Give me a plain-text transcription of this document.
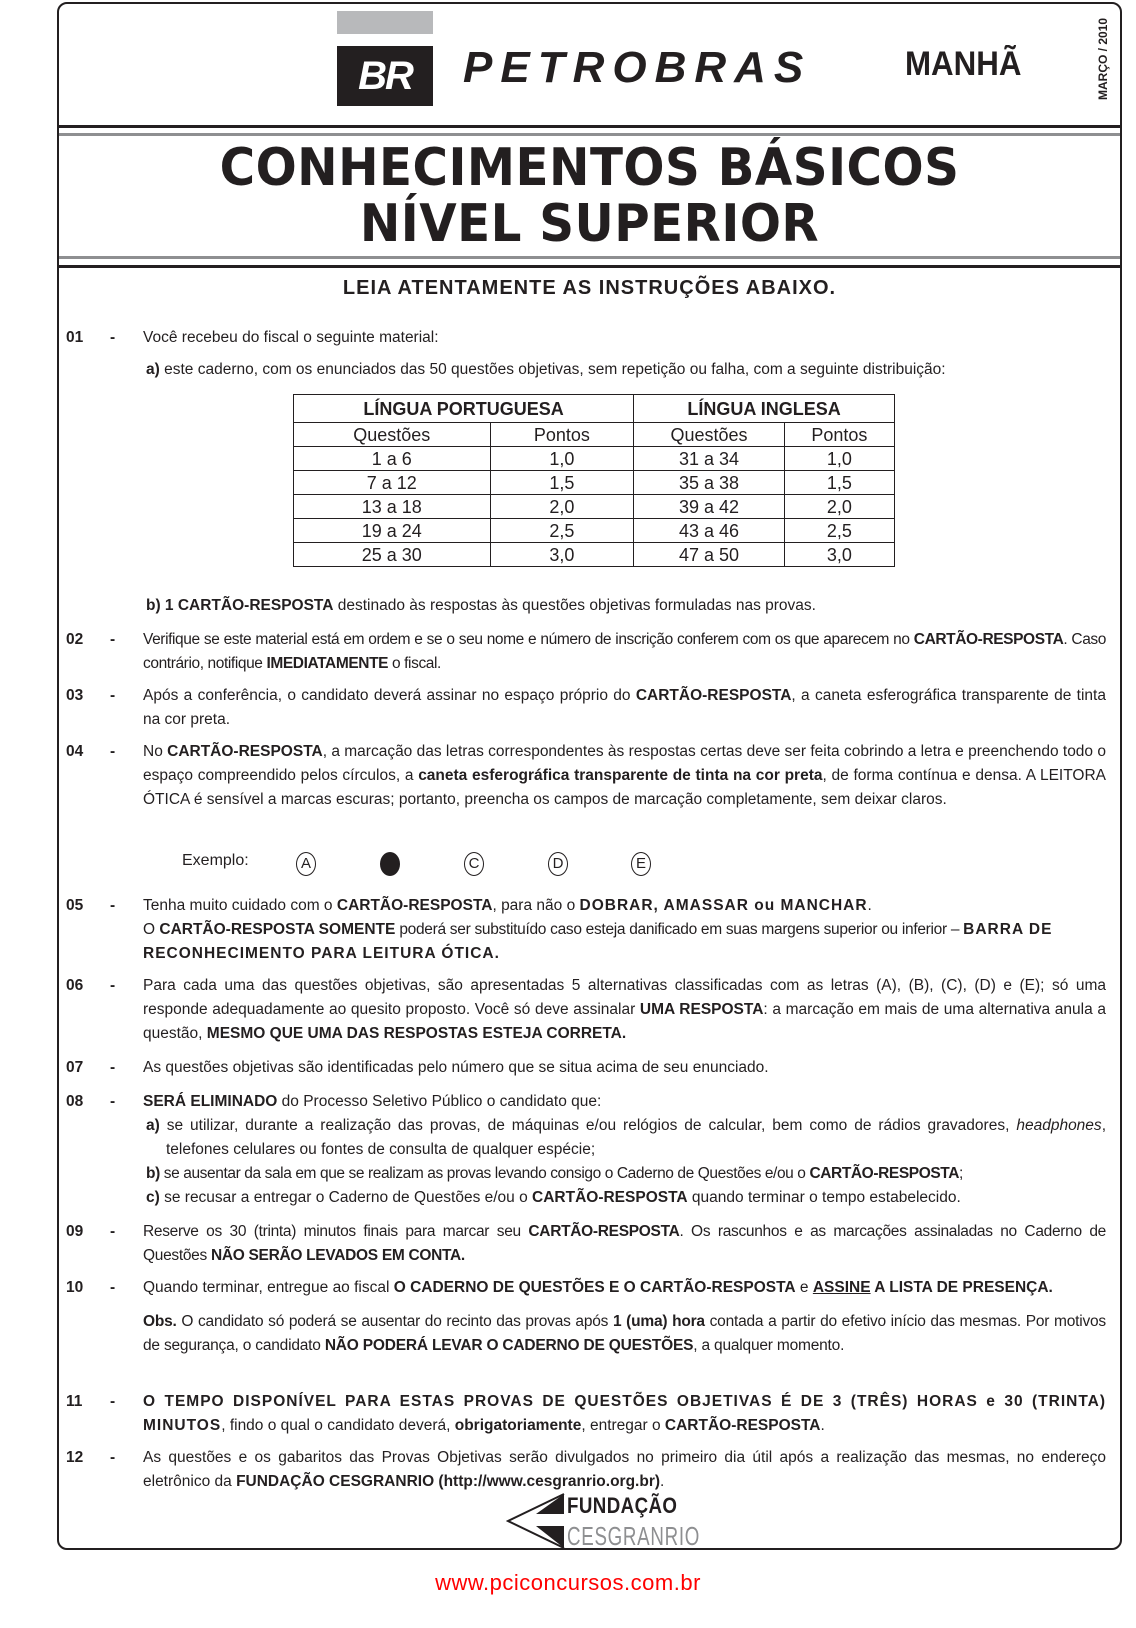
BR	PETROBRAS	MANHÃ	MARÇO / 2010
CONHECIMENTOS BÁSICOS
NÍVEL SUPERIOR
LEIA ATENTAMENTE AS INSTRUÇÕES ABAIXO.
01	- Você recebeu do fiscal o seguinte material:
a) este caderno, com os enunciados das 50 questões objetivas, sem repetição ou falha, com a seguinte distribuição:
LÍNGUA PORTUGUESA		LÍNGUA INGLESA	
Questões	Pontos	Questões	Pontos
1 a 6	1,0	31 a 34	1,0
7 a 12	1,5	35 a 38	1,5
13 a 18	2,0	39 a 42	2,0
19 a 24	2,5	43 a 46	2,5
25 a 30	3,0	47 a 50	3,0
b) 1 CARTÃO-RESPOSTA destinado às respostas às questões objetivas formuladas nas provas.
02	- Verifique se este material está em ordem e se o seu nome e número de inscrição conferem com os que aparecem no CARTÃO-RESPOSTA. Caso contrário, notifique IMEDIATAMENTE o fiscal.
03	- Após a conferência, o candidato deverá assinar no espaço próprio do CARTÃO-RESPOSTA, a caneta esferográfica transparente de tinta na cor preta.
04	- No CARTÃO-RESPOSTA, a marcação das letras correspondentes às respostas certas deve ser feita cobrindo a letra e preenchendo todo o espaço compreendido pelos círculos, a caneta esferográfica transparente de tinta na cor preta, de forma contínua e densa. A LEITORA ÓTICA é sensível a marcas escuras; portanto, preencha os campos de marcação completamente, sem deixar claros.
Exemplo:	A	C	D	E
05	- Tenha muito cuidado com o CARTÃO-RESPOSTA, para não o DOBRAR, AMASSAR ou MANCHAR.
O CARTÃO-RESPOSTA SOMENTE poderá ser substituído caso esteja danificado em suas margens superior ou inferior – BARRA DE RECONHECIMENTO PARA LEITURA ÓTICA.
06	- Para cada uma das questões objetivas, são apresentadas 5 alternativas classificadas com as letras (A), (B), (C), (D) e (E); só uma responde adequadamente ao quesito proposto. Você só deve assinalar UMA RESPOSTA: a marcação em mais de uma alternativa anula a questão, MESMO QUE UMA DAS RESPOSTAS ESTEJA CORRETA.
07	- As questões objetivas são identificadas pelo número que se situa acima de seu enunciado.
08	- SERÁ ELIMINADO do Processo Seletivo Público o candidato que:
a) se utilizar, durante a realização das provas, de máquinas e/ou relógios de calcular, bem como de rádios gravadores, headphones, telefones celulares ou fontes de consulta de qualquer espécie;
b) se ausentar da sala em que se realizam as provas levando consigo o Caderno de Questões e/ou o CARTÃO-RESPOSTA;
c) se recusar a entregar o Caderno de Questões e/ou o CARTÃO-RESPOSTA quando terminar o tempo estabelecido.
09	- Reserve os 30 (trinta) minutos finais para marcar seu CARTÃO-RESPOSTA. Os rascunhos e as marcações assinaladas no Caderno de Questões NÃO SERÃO LEVADOS EM CONTA.
10	- Quando terminar, entregue ao fiscal O CADERNO DE QUESTÕES E O CARTÃO-RESPOSTA e ASSINE A LISTA DE PRESENÇA.
Obs. O candidato só poderá se ausentar do recinto das provas após 1 (uma) hora contada a partir do efetivo início das mesmas. Por motivos de segurança, o candidato NÃO PODERÁ LEVAR O CADERNO DE QUESTÕES, a qualquer momento.
11	- O TEMPO DISPONÍVEL PARA ESTAS PROVAS DE QUESTÕES OBJETIVAS É DE 3 (TRÊS) HORAS e 30 (TRINTA) MINUTOS, findo o qual o candidato deverá, obrigatoriamente, entregar o CARTÃO-RESPOSTA.
12	- As questões e os gabaritos das Provas Objetivas serão divulgados no primeiro dia útil após a realização das mesmas, no endereço eletrônico da FUNDAÇÃO CESGRANRIO (http://www.cesgranrio.org.br).
FUNDAÇÃO
CESGRANRIO
www.pciconcursos.com.br
